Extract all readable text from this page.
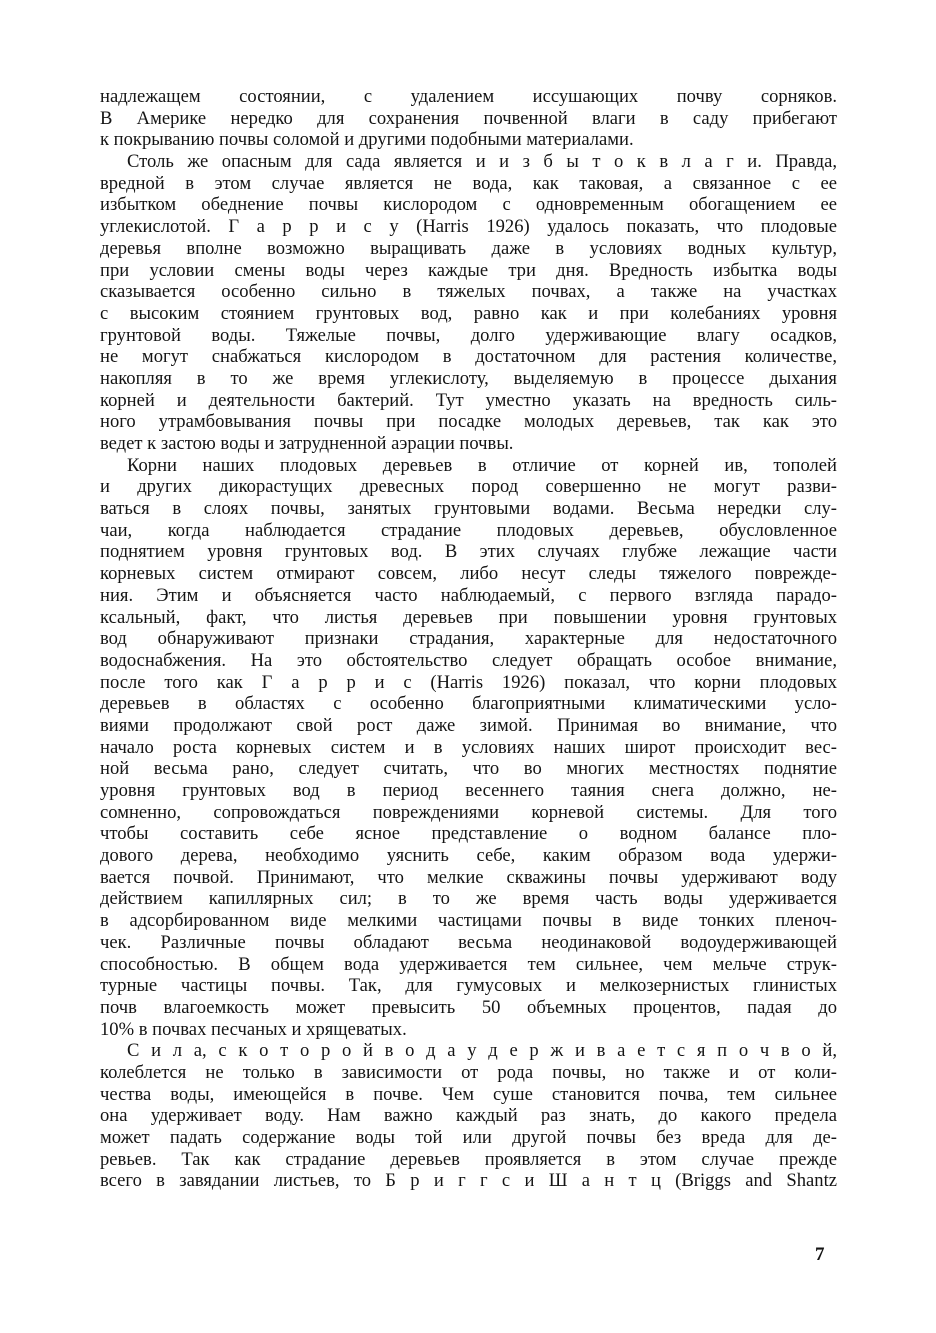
надлежащем состоянии, с удалением иссушающих почву сорняков.
В Америке нередко для сохранения почвенной влаги в саду прибегают
к покрыванию почвы соломой и другими подобными материалами.
Столь же опасным для сада является и и з б ы т о к в л а г и. Правда,
вредной в этом случае является не вода, как таковая, а связанное с ее
избытком обеднение почвы кислородом с одновременным обогащением ее
углекислотой. Г а р р и с у (Harris 1926) удалось показать, что плодовые
деревья вполне возможно выращивать даже в условиях водных культур,
при условии смены воды через каждые три дня. Вредность избытка воды
сказывается особенно сильно в тяжелых почвах, а также на участках
с высоким стоянием грунтовых вод, равно как и при колебаниях уровня
грунтовой воды. Тяжелые почвы, долго удерживающие влагу осадков,
не могут снабжаться кислородом в достаточном для растения количестве,
накопляя в то же время углекислоту, выделяемую в процессе дыхания
корней и деятельности бактерий. Тут уместно указать на вредность силь-
ного утрамбовывания почвы при посадке молодых деревьев, так как это
ведет к застою воды и затрудненной аэрации почвы.
Корни наших плодовых деревьев в отличие от корней ив, тополей
и других дикорастущих древесных пород совершенно не могут разви-
ваться в слоях почвы, занятых грунтовыми водами. Весьма нередки слу-
чаи, когда наблюдается страдание плодовых деревьев, обусловленное
поднятием уровня грунтовых вод. В этих случаях глубже лежащие части
корневых систем отмирают совсем, либо несут следы тяжелого поврежде-
ния. Этим и объясняется часто наблюдаемый, с первого взгляда парадо-
ксальный, факт, что листья деревьев при повышении уровня грунтовых
вод обнаруживают признаки страдания, характерные для недостаточного
водоснабжения. На это обстоятельство следует обращать особое внимание,
после того как Г а р р и с (Harris 1926) показал, что корни плодовых
деревьев в областях с особенно благоприятными климатическими усло-
виями продолжают свой рост даже зимой. Принимая во внимание, что
начало роста корневых систем и в условиях наших широт происходит вес-
ной весьма рано, следует считать, что во многих местностях поднятие
уровня грунтовых вод в период весеннего таяния снега должно, не-
сомненно, сопровождаться повреждениями корневой системы. Для того
чтобы составить себе ясное представление о водном балансе пло-
дового дерева, необходимо уяснить себе, каким образом вода удержи-
вается почвой. Принимают, что мелкие скважины почвы удерживают воду
действием капиллярных сил; в то же время часть воды удерживается
в адсорбированном виде мелкими частицами почвы в виде тонких пленоч-
чек. Различные почвы обладают весьма неодинаковой водоудерживающей
способностью. В общем вода удерживается тем сильнее, чем мельче струк-
турные частицы почвы. Так, для гумусовых и мелкозернистых глинистых
почв влагоемкость может превысить 50 объемных процентов, падая до
10% в почвах песчаных и хрящеватых.
С и л а, с к о т о р о й в о д а у д е р ж и в а е т с я п о ч в о й,
колеблется не только в зависимости от рода почвы, но также и от коли-
чества воды, имеющейся в почве. Чем суше становится почва, тем сильнее
она удерживает воду. Нам важно каждый раз знать, до какого предела
может падать содержание воды той или другой почвы без вреда для де-
ревьев. Так как страдание деревьев проявляется в этом случае прежде
всего в завядании листьев, то Б р и г г с и Ш а н т ц (Briggs and Shantz
7
